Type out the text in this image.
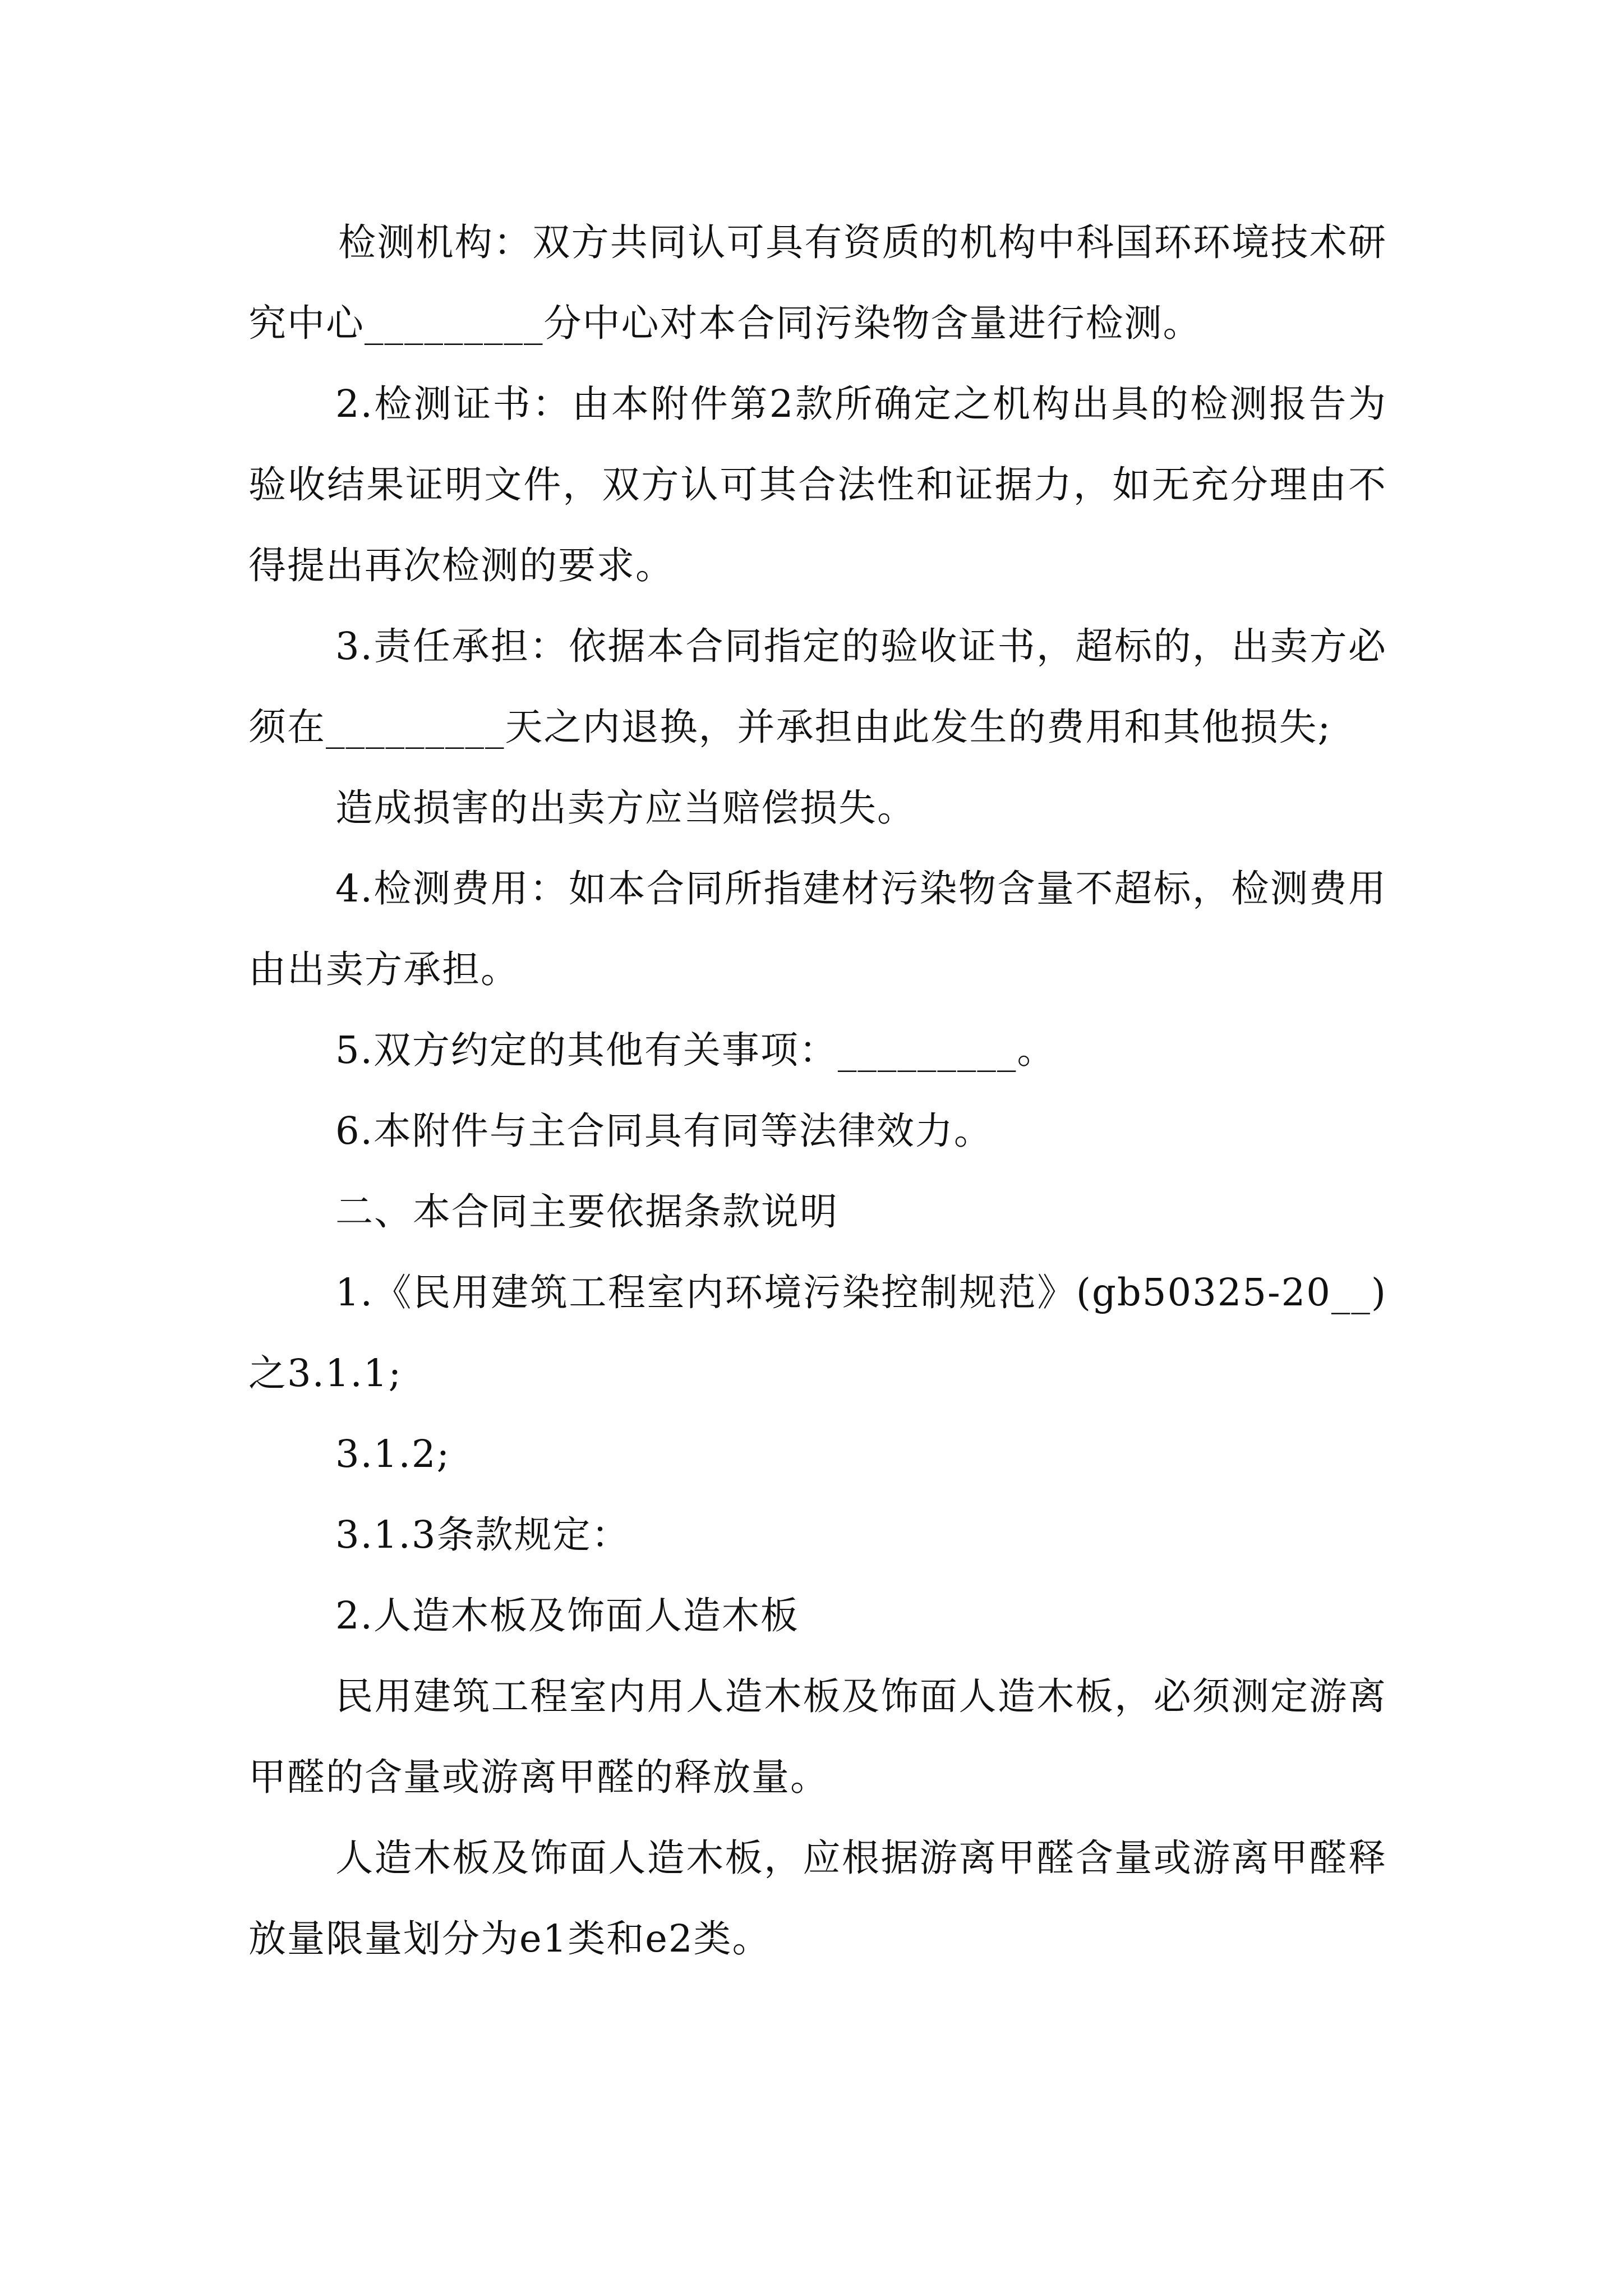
检测机构：双方共同认可具有资质的机构中科国环环境技术研究中心_________分中心对本合同污染物含量进行检测。

2.检测证书：由本附件第2款所确定之机构出具的检测报告为验收结果证明文件，双方认可其合法性和证据力，如无充分理由不得提出再次检测的要求。

3.责任承担：依据本合同指定的验收证书，超标的，出卖方必须在_________天之内退换，并承担由此发生的费用和其他损失;

造成损害的出卖方应当赔偿损失。

4.检测费用：如本合同所指建材污染物含量不超标，检测费用由出卖方承担。

5.双方约定的其他有关事项：_________。

6.本附件与主合同具有同等法律效力。

二、本合同主要依据条款说明

1.《民用建筑工程室内环境污染控制规范》(gb50325-20__)之3.1.1;

3.1.2;

3.1.3条款规定：

2.人造木板及饰面人造木板

民用建筑工程室内用人造木板及饰面人造木板，必须测定游离甲醛的含量或游离甲醛的释放量。

人造木板及饰面人造木板，应根据游离甲醛含量或游离甲醛释放量限量划分为e1类和e2类。
